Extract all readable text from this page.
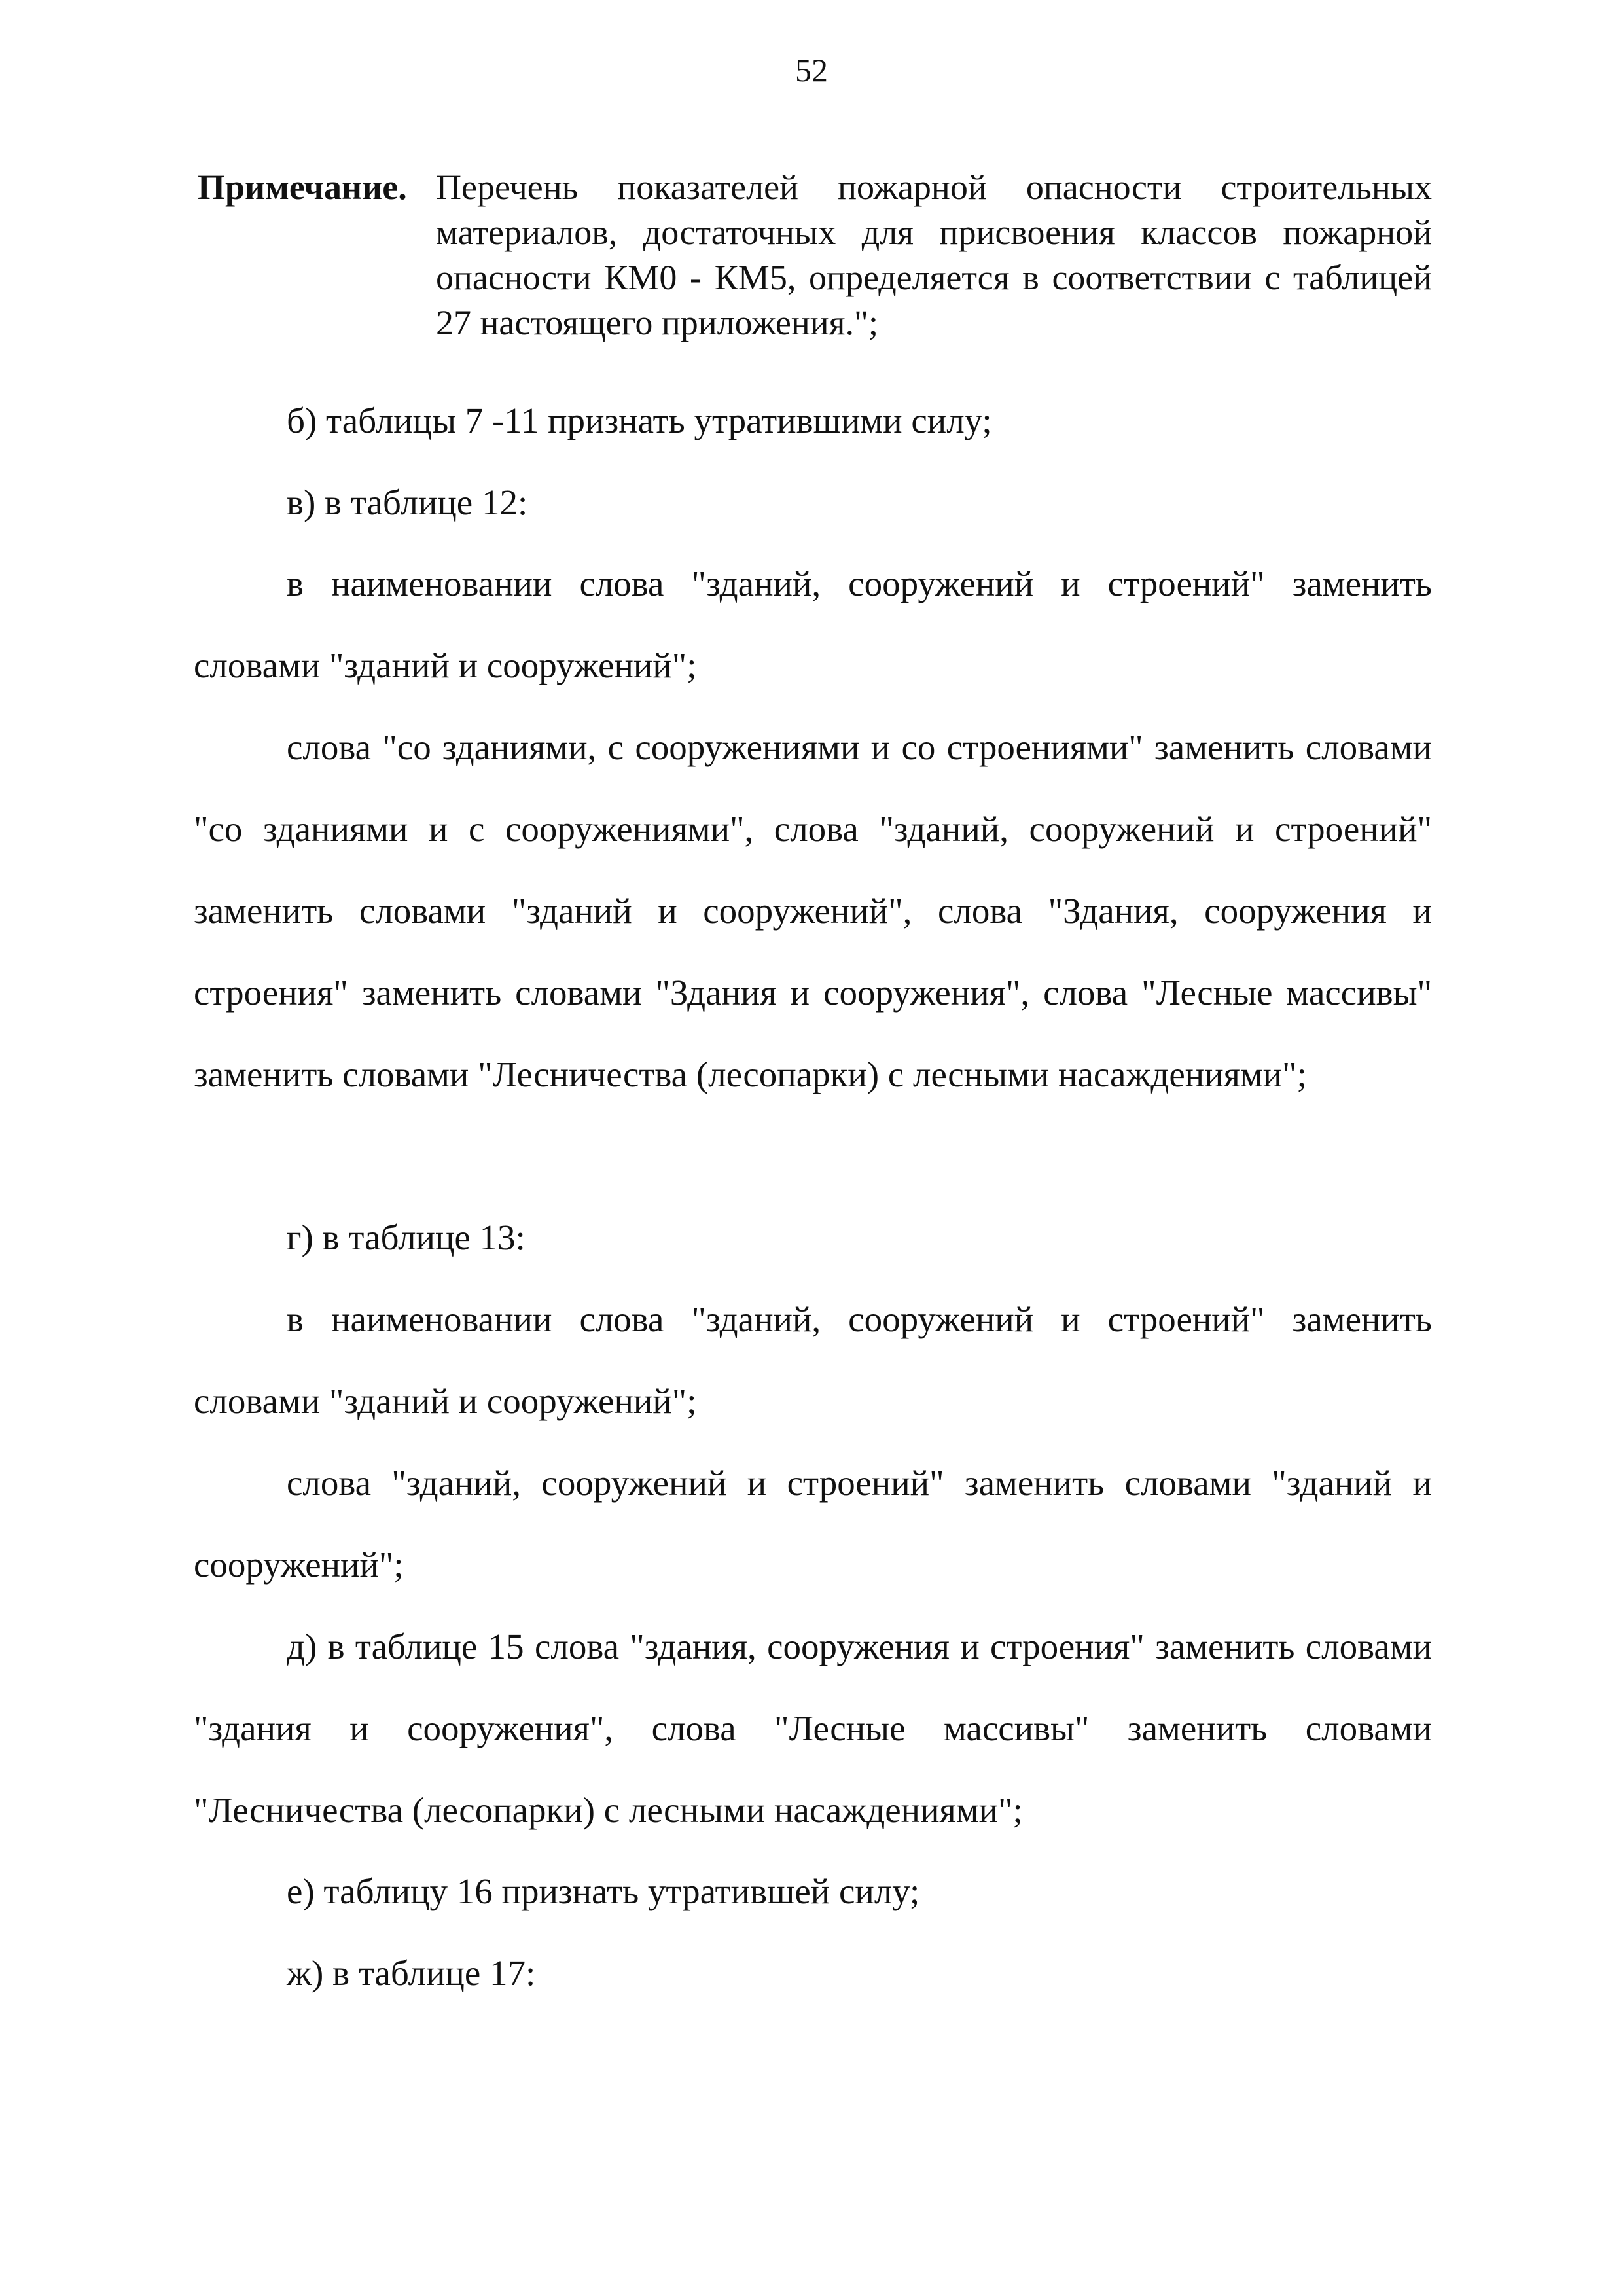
52
Примечание. Перечень показателей пожарной опасности строительных материалов, достаточных для присвоения классов пожарной опасности КМ0 - КМ5, определяется в соответствии с таблицей 27 настоящего приложения.";

б) таблицы 7 -11 признать утратившими силу;

в) в таблице 12:

в наименовании слова "зданий, сооружений и строений" заменить словами "зданий и сооружений";

слова "со зданиями, с сооружениями и со строениями" заменить словами "со зданиями и с сооружениями", слова "зданий, сооружений и строений" заменить словами "зданий и сооружений", слова "Здания, сооружения и строения" заменить словами "Здания и сооружения", слова "Лесные массивы" заменить словами "Лесничества (лесопарки) с лесными насаждениями";

г) в таблице 13:

в наименовании слова "зданий, сооружений и строений" заменить словами "зданий и сооружений";

слова "зданий, сооружений и строений" заменить словами "зданий и сооружений";

д) в таблице 15 слова "здания, сооружения и строения" заменить словами "здания и сооружения", слова "Лесные массивы" заменить словами "Лесничества (лесопарки) с лесными насаждениями";

е) таблицу 16 признать утратившей силу;

ж) в таблице 17:
